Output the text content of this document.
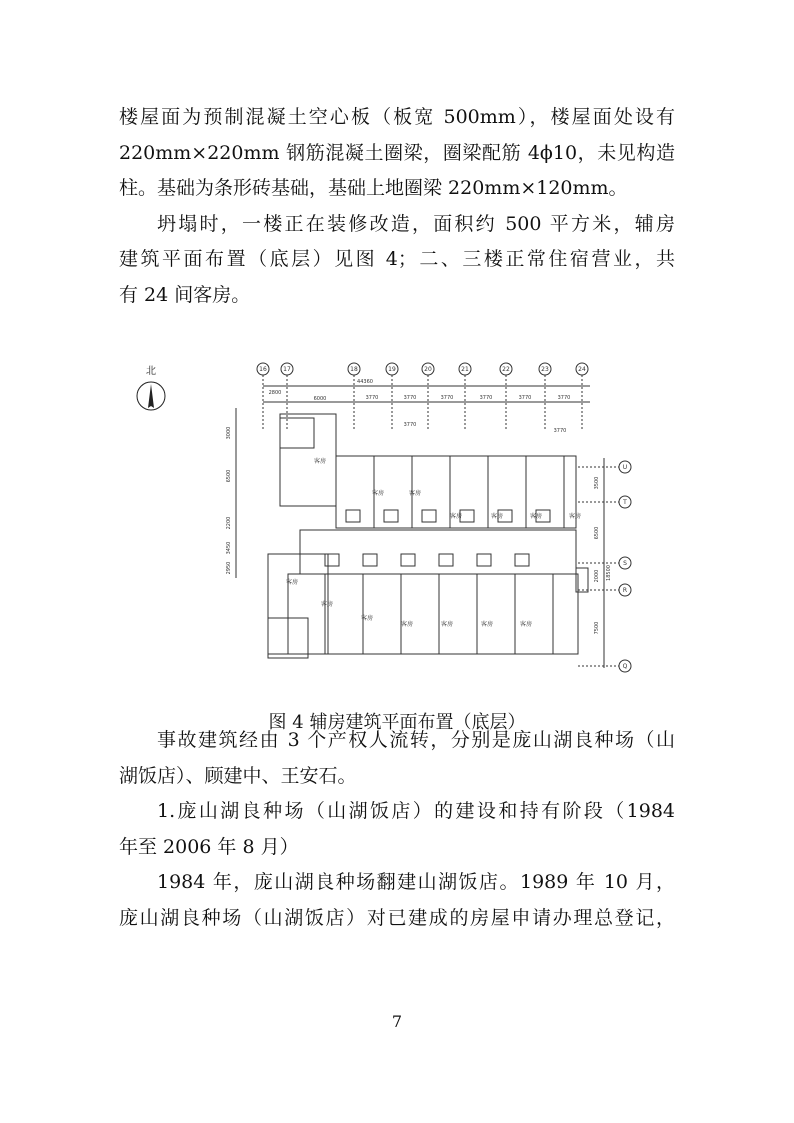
楼屋面为预制混凝土空心板（板宽 500mm），楼屋面处设有

220mm×220mm 钢筋混凝土圈梁，圈梁配筋 4ϕ10，未见构造

柱。基础为条形砖基础，基础上地圈梁 220mm×120mm。

坍塌时，一楼正在装修改造，面积约 500 平方米，辅房

建筑平面布置（底层）见图 4；二、三楼正常住宿营业，共

有 24 间客房。

北	16	17	18	19	20	21	22	23	24
2800
6000
44360
3770	3770	3770	3770	3770	3770
3770
3770
U
T
S
R
Q
3500
6500
2000
7500
18500
3000
6500
2200
3450
2950
客房
客房	客房
客房	客房	客房	客房
客房
客房
客房
客房	客房	客房	客房
图 4 辅房建筑平面布置（底层）

事故建筑经由 3 个产权人流转，分别是庞山湖良种场（山

湖饭店）、顾建中、王安石。

1.庞山湖良种场（山湖饭店）的建设和持有阶段（1984

年至 2006 年 8 月）

1984 年，庞山湖良种场翻建山湖饭店。1989 年 10 月，

庞山湖良种场（山湖饭店）对已建成的房屋申请办理总登记，

7
